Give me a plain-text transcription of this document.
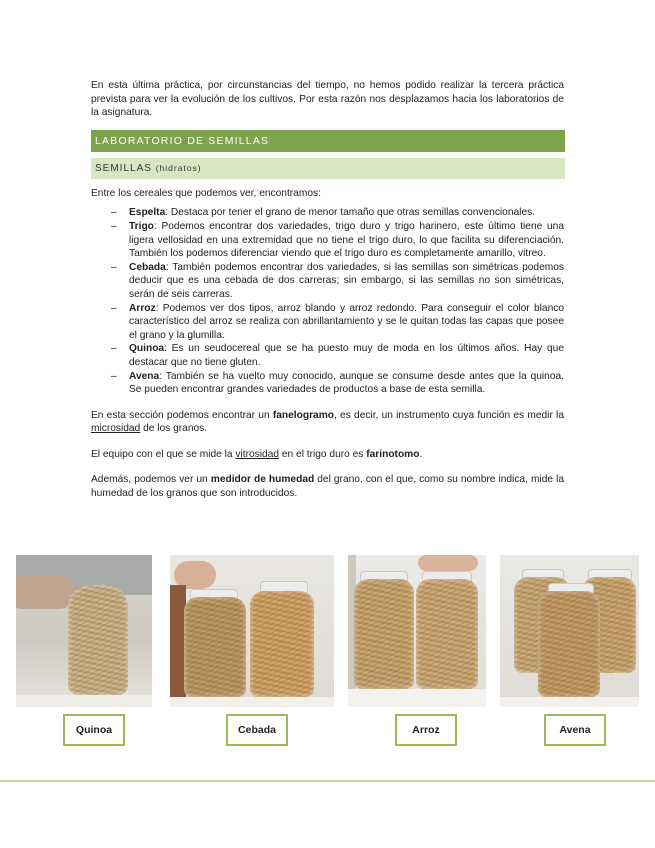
En esta última práctica, por circunstancias del tiempo, no hemos podido realizar la tercera práctica prevista para ver la evolución de los cultivos. Por esta razón nos desplazamos hacia los laboratorios de la asignatura.

LABORATORIO DE SEMILLAS
SEMILLAS (hidratos)

Entre los cereales que podemos ver, encontramos:

– Espelta: Destaca por tener el grano de menor tamaño que otras semillas convencionales.
– Trigo: Podemos encontrar dos variedades, trigo duro y trigo harinero, este último tiene una ligera vellosidad en una extremidad que no tiene el trigo duro, lo que facilita su diferenciación. También los podemos diferenciar viendo que el trigo duro es completamente amarillo, vitreo.
– Cebada: También podemos encontrar dos variedades, si las semillas son simétricas podemos deducir que es una cebada de dos carreras; sin embargo, si las semillas no son simétricas, serán de seis carreras.
– Arroz: Podemos ver dos tipos, arroz blando y arroz redondo. Para conseguir el color blanco característico del arroz se realiza con abrillantamiento y se le quitan todas las capas que posee el grano y la glumilla.
– Quinoa: Es un seudocereal que se ha puesto muy de moda en los últimos años. Hay que destacar que no tiene gluten.
– Avena: También se ha vuelto muy conocido, aunque se consume desde antes que la quinoa. Se pueden encontrar grandes variedades de productos a base de esta semilla.

En esta sección podemos encontrar un fanelogramo, es decir, un instrumento cuya función es medir la microsidad de los granos.

El equipo con el que se mide la vitrosidad en el trigo duro es farinotomo.

Además, podemos ver un medidor de humedad del grano, con el que, como su nombre indica, mide la humedad de los granos que son introducidos.

Quinoa	Cebada	Arroz	Avena
